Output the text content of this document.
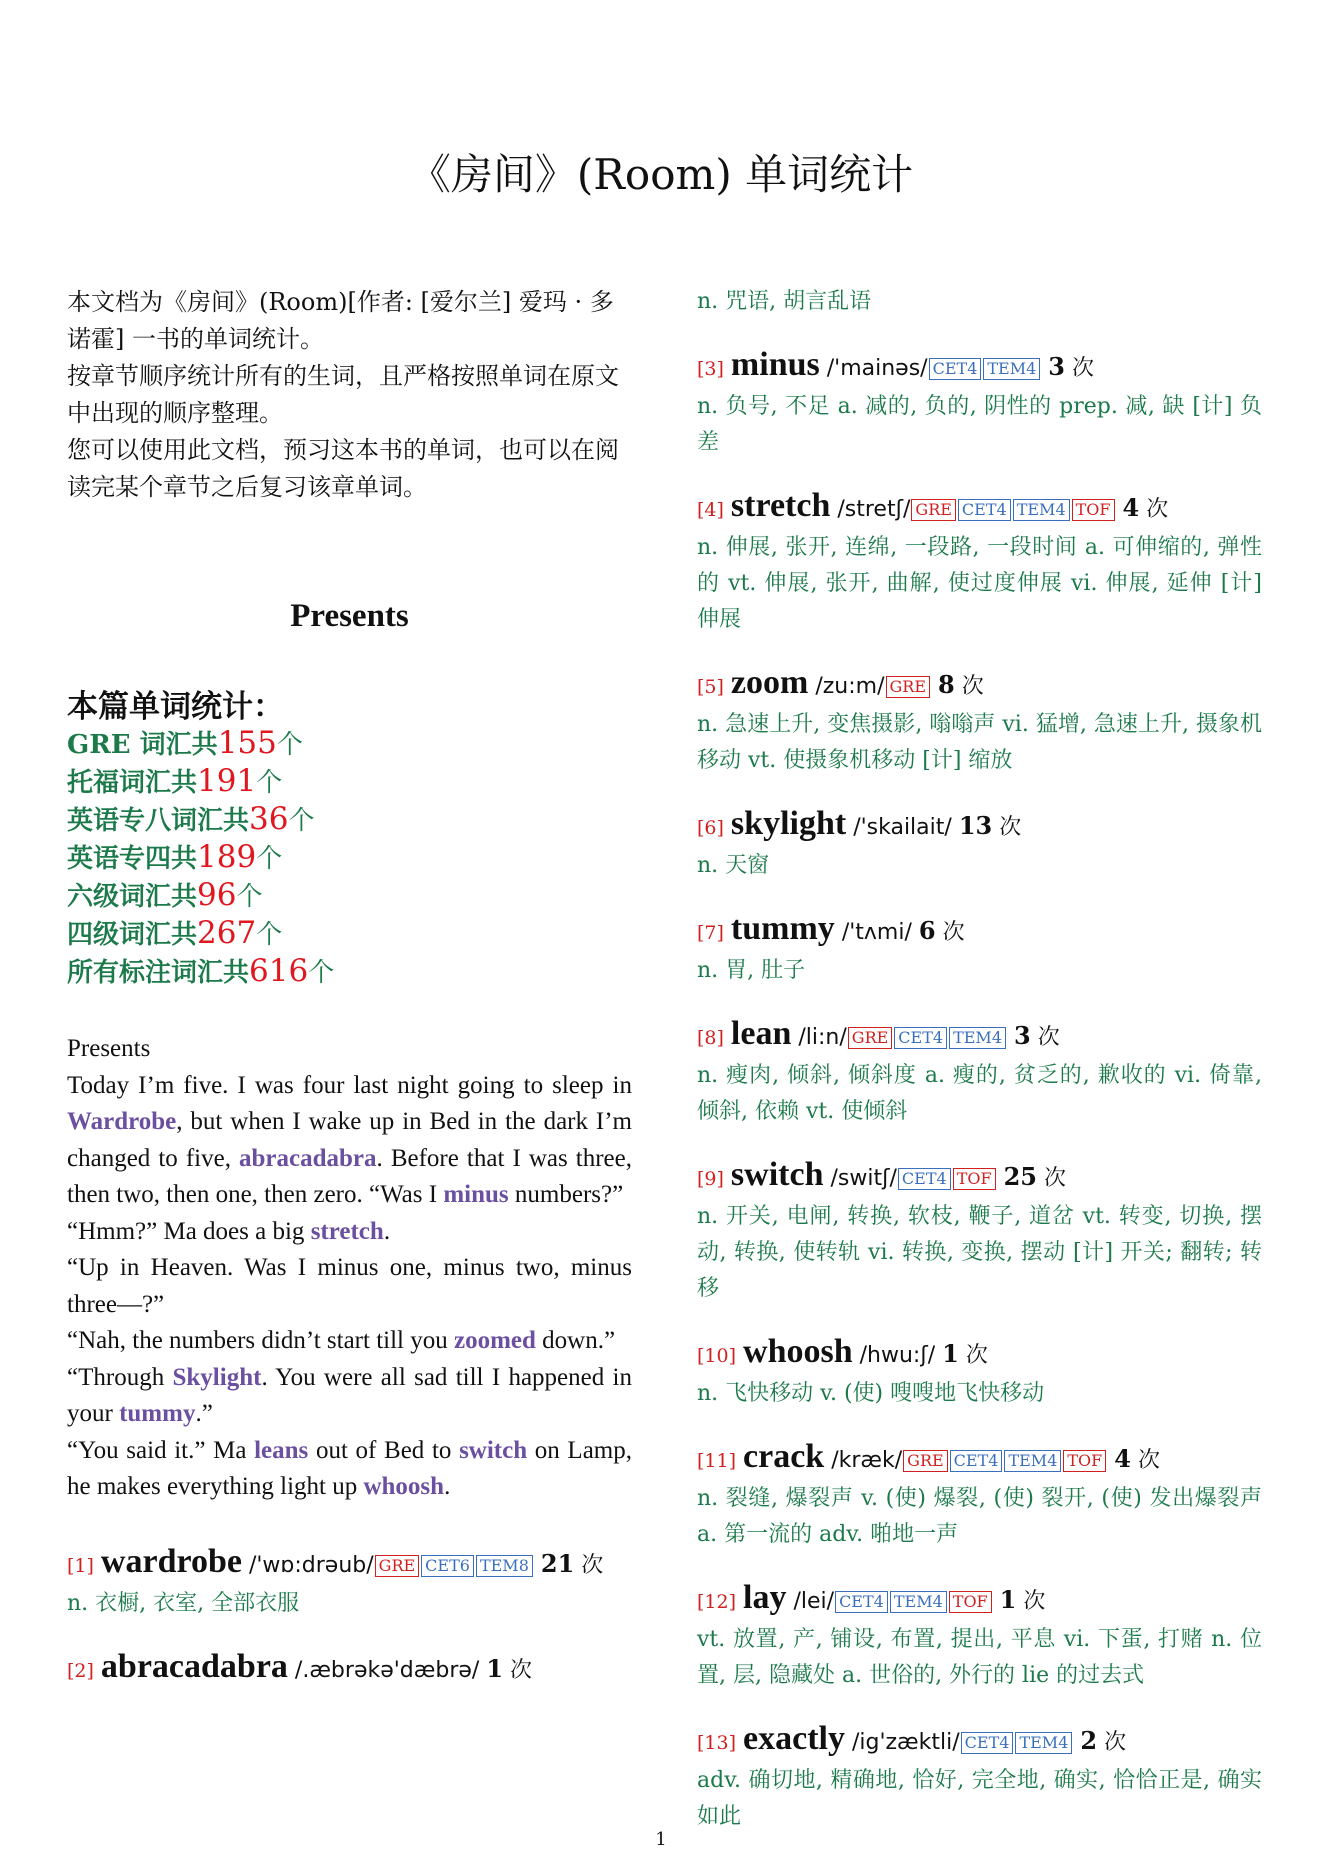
《房间》(Room) 单词统计

本文档为《房间》(Room)[作者: [爱尔兰] 爱玛 · 多诺霍] 一书的单词统计。

按章节顺序统计所有的生词，且严格按照单词在原文中出现的顺序整理。

您可以使用此文档，预习这本书的单词，也可以在阅读完某个章节之后复习该章单词。

Presents
本篇单词统计：
GRE 词汇共155个
托福词汇共191个
英语专八词汇共36个
英语专四共189个
六级词汇共96个
四级词汇共267个
所有标注词汇共616个

Presents

Today I’m five. I was four last night going to sleep in Wardrobe, but when I wake up in Bed in the dark I’m changed to five, abracadabra. Before that I was three, then two, then one, then zero. “Was I minus numbers?”

“Hmm?” Ma does a big stretch.

“Up in Heaven. Was I minus one, minus two, minus three—?”

“Nah, the numbers didn’t start till you zoomed down.”

“Through Skylight. You were all sad till I happened in your tummy.”

“You said it.” Ma leans out of Bed to switch on Lamp, he makes everything light up whoosh.

[1] wardrobe /'wɒ:drəub/ GRE CET6 TEM8 21 次
n. 衣橱, 衣室, 全部衣服
[2] abracadabra /.æbrəkə'dæbrə/ 1 次
n. 咒语, 胡言乱语
[3] minus /'mainəs/ CET4 TEM4 3 次
n. 负号, 不足 a. 减的, 负的, 阴性的 prep. 减, 缺 [计] 负差
[4] stretch /stretʃ/ GRE CET4 TEM4 TOF 4 次
n. 伸展, 张开, 连绵, 一段路, 一段时间 a. 可伸缩的, 弹性的 vt. 伸展, 张开, 曲解, 使过度伸展 vi. 伸展, 延伸 [计] 伸展
[5] zoom /zu:m/ GRE 8 次
n. 急速上升, 变焦摄影, 嗡嗡声 vi. 猛增, 急速上升, 摄象机移动 vt. 使摄象机移动 [计] 缩放
[6] skylight /'skailait/ 13 次
n. 天窗
[7] tummy /'tʌmi/ 6 次
n. 胃, 肚子
[8] lean /li:n/ GRE CET4 TEM4 3 次
n. 瘦肉, 倾斜, 倾斜度 a. 瘦的, 贫乏的, 歉收的 vi. 倚靠, 倾斜, 依赖 vt. 使倾斜
[9] switch /switʃ/ CET4 TOF 25 次
n. 开关, 电闸, 转换, 软枝, 鞭子, 道岔 vt. 转变, 切换, 摆动, 转换, 使转轨 vi. 转换, 变换, 摆动 [计] 开关; 翻转; 转移
[10] whoosh /hwu:ʃ/ 1 次
n. 飞快移动 v. (使) 嗖嗖地飞快移动
[11] crack /kræk/ GRE CET4 TEM4 TOF 4 次
n. 裂缝, 爆裂声 v. (使) 爆裂, (使) 裂开, (使) 发出爆裂声 a. 第一流的 adv. 啪地一声
[12] lay /lei/ CET4 TEM4 TOF 1 次
vt. 放置, 产, 铺设, 布置, 提出, 平息 vi. 下蛋, 打赌 n. 位置, 层, 隐藏处 a. 世俗的, 外行的 lie 的过去式
[13] exactly /ig'zæktli/ CET4 TEM4 2 次
adv. 确切地, 精确地, 恰好, 完全地, 确实, 恰恰正是, 确实如此
1
